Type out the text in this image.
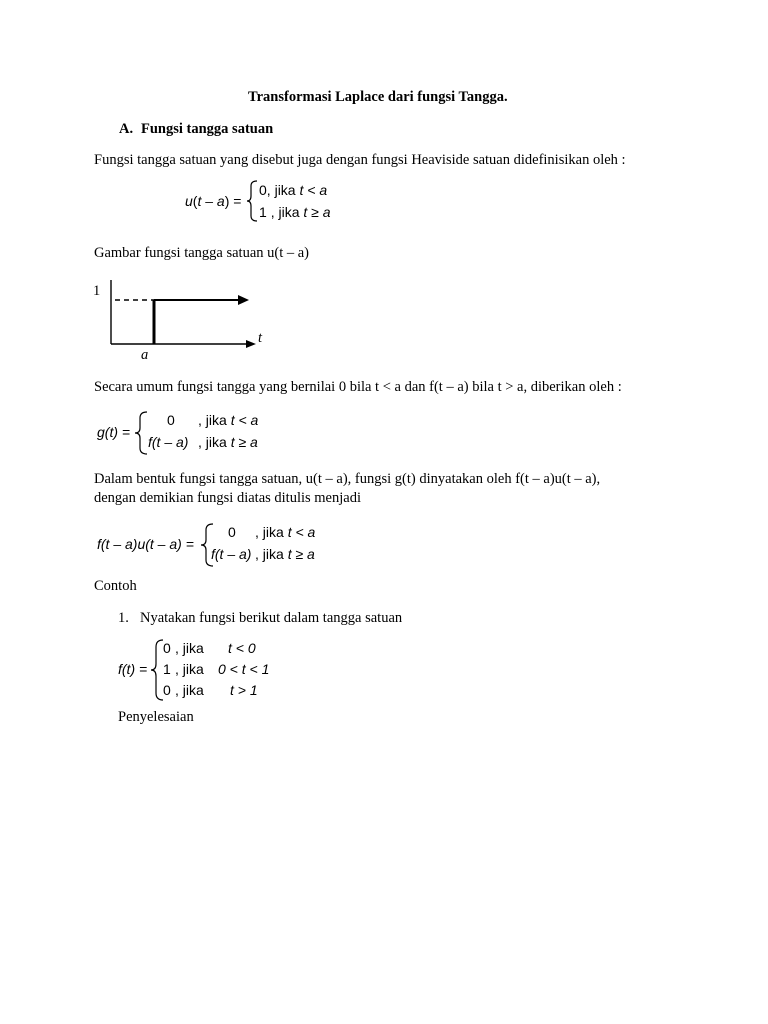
Transformasi Laplace dari fungsi Tangga.
A. Fungsi tangga satuan
Fungsi tangga satuan yang disebut juga dengan fungsi Heaviside satuan didefinisikan oleh :
u(t – a) =
0, jika t < a
1 , jika t ≥ a
Gambar fungsi tangga satuan u(t – a)
1
t
a
Secara umum fungsi tangga yang bernilai 0 bila t < a dan f(t – a) bila t > a, diberikan oleh :
g(t) =
0 , jika t < a
f(t – a) , jika t ≥ a
Dalam bentuk fungsi tangga satuan, u(t – a), fungsi g(t) dinyatakan oleh f(t – a)u(t – a),
dengan demikian fungsi diatas ditulis menjadi
f(t – a)u(t – a) =
0 , jika t < a
f(t – a) , jika t ≥ a
Contoh
1. Nyatakan fungsi berikut dalam tangga satuan
f(t) =
0 , jika t < 0
1 , jika 0 < t < 1
0 , jika t > 1
Penyelesaian
